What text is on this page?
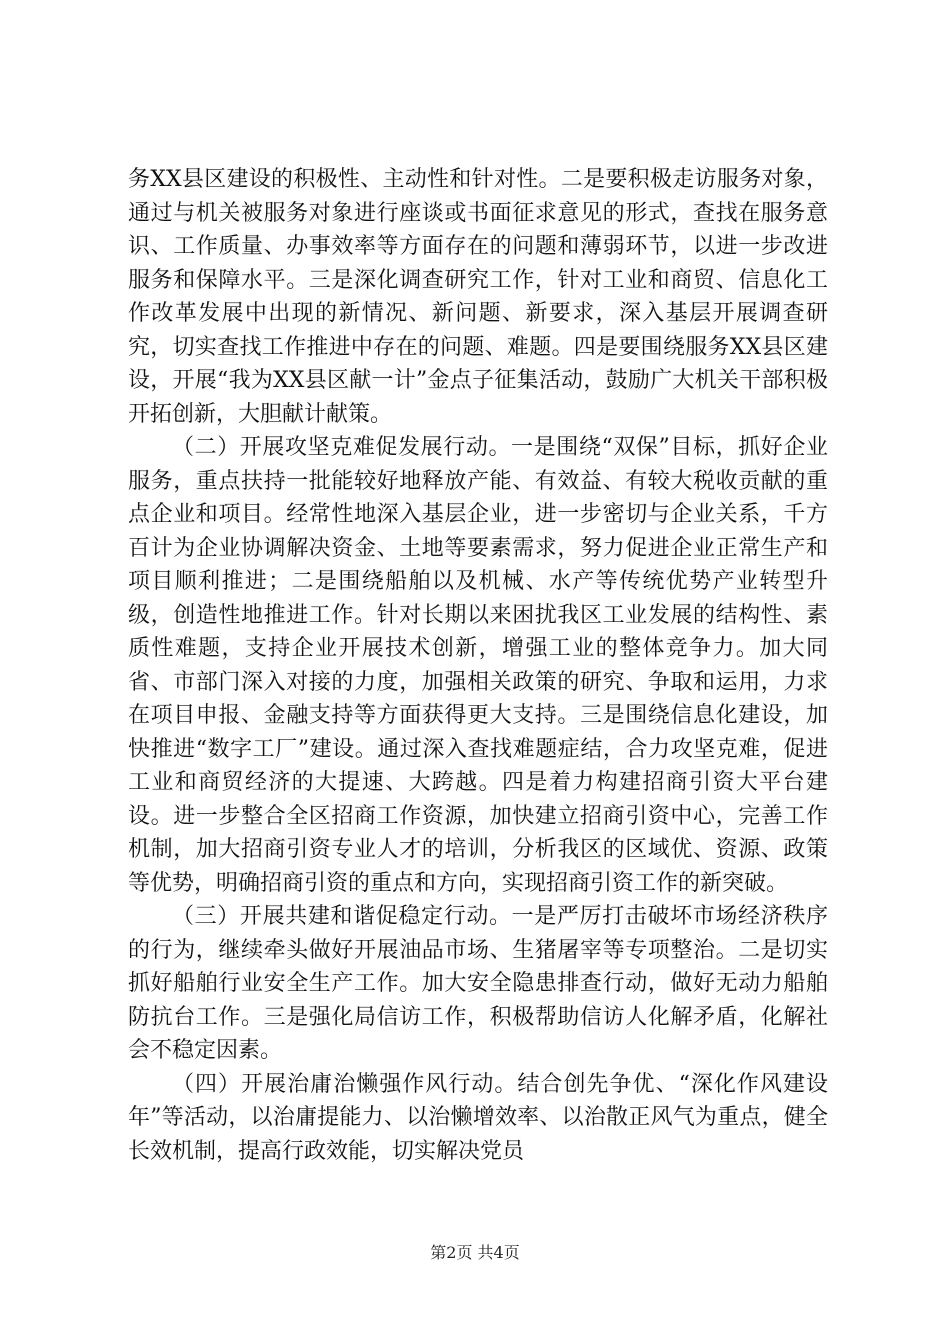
务XX县区建设的积极性、主动性和针对性。二是要积极走访服务对象，通过与机关被服务对象进行座谈或书面征求意见的形式，查找在服务意识、工作质量、办事效率等方面存在的问题和薄弱环节，以进一步改进服务和保障水平。三是深化调查研究工作，针对工业和商贸、信息化工作改革发展中出现的新情况、新问题、新要求，深入基层开展调查研究，切实查找工作推进中存在的问题、难题。四是要围绕服务XX县区建设，开展“我为XX县区献一计”金点子征集活动，鼓励广大机关干部积极开拓创新，大胆献计献策。

（二）开展攻坚克难促发展行动。一是围绕“双保”目标，抓好企业服务，重点扶持一批能较好地释放产能、有效益、有较大税收贡献的重点企业和项目。经常性地深入基层企业，进一步密切与企业关系，千方百计为企业协调解决资金、土地等要素需求，努力促进企业正常生产和项目顺利推进；二是围绕船舶以及机械、水产等传统优势产业转型升级，创造性地推进工作。针对长期以来困扰我区工业发展的结构性、素质性难题，支持企业开展技术创新，增强工业的整体竞争力。加大同省、市部门深入对接的力度，加强相关政策的研究、争取和运用，力求在项目申报、金融支持等方面获得更大支持。三是围绕信息化建设，加快推进“数字工厂”建设。通过深入查找难题症结，合力攻坚克难，促进工业和商贸经济的大提速、大跨越。四是着力构建招商引资大平台建设。进一步整合全区招商工作资源，加快建立招商引资中心，完善工作机制，加大招商引资专业人才的培训，分析我区的区域优、资源、政策等优势，明确招商引资的重点和方向，实现招商引资工作的新突破。

（三）开展共建和谐促稳定行动。一是严厉打击破坏市场经济秩序的行为，继续牵头做好开展油品市场、生猪屠宰等专项整治。二是切实抓好船舶行业安全生产工作。加大安全隐患排查行动，做好无动力船舶防抗台工作。三是强化局信访工作，积极帮助信访人化解矛盾，化解社会不稳定因素。

（四）开展治庸治懒强作风行动。结合创先争优、“深化作风建设年”等活动，以治庸提能力、以治懒增效率、以治散正风气为重点，健全长效机制，提高行政效能，切实解决党员

第2页 共4页
